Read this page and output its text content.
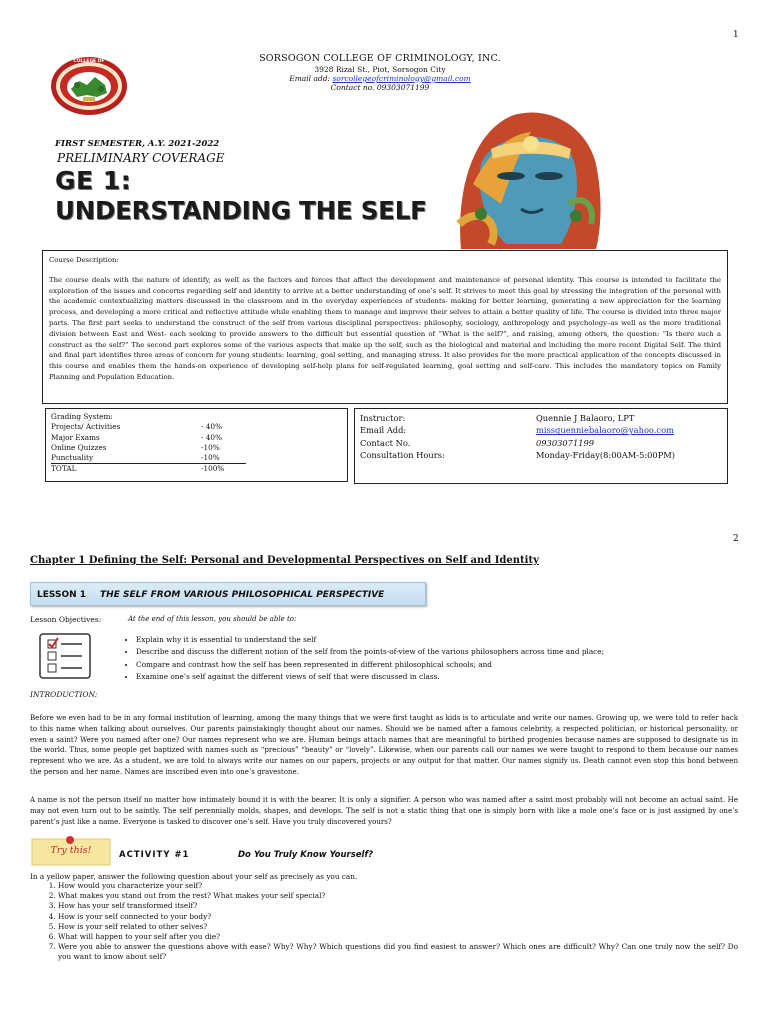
1
COLLEGE OF	SORSOGON COLLEGE OF CRIMINOLOGY, INC.
3928 Rizal St., Piot, Sorsogon City
Email add: sorcollegeofcriminology@gmail.com
Contact no. 09303071199
FIRST SEMESTER, A.Y. 2021-2022
PRELIMINARY COVERAGE
GE 1:
UNDERSTANDING THE SELF
Course Description:
The course deals with the nature of identify, as well as the factors and forces that affect the development and maintenance of personal identity. This course is intended to facilitate the exploration of the issues and concerns regarding self and identity to arrive at a better understanding of one’s self. It strives to meet this goal by stressing the integration of the personal with the academic contextualizing matters discussed in the classroom and in the everyday experiences of students- making for better learning, generating a new appreciation for the learning process, and developing a more critical and reflective attitude while enabling them to manage and improve their selves to attain a better quality of life. The course is divided into three major parts. The first part seeks to understand the construct of the self from various disciplinal perspectives: philosophy, sociology, anthropology and psychology–as well as the more traditional division between East and West- each seeking to provide answers to the difficult but essential question of “What is the self?”, and raising, among others, the question: “Is there such a construct as the self?” The second part explores some of the various aspects that make up the self, such as the biological and material and including the more recent Digital Self. The third and final part identifies three areas of concern for young students: learning, goal setting, and managing stress. It also provides for the more practical application of the concepts discussed in this course and enables them the hands-on experience of developing self-help plans for self-regulated learning, goal setting and self-care. This includes the mandatory topics on Family Planning and Population Education.
Grading System:
Projects/ Activities	- 40%
Major Exams	- 40%
Online Quizzes	-10%
Punctuality	-10%
TOTAL	-100%
Instructor:	Quennie J Balaoro, LPT
Email Add:	missquenniebalaoro@yahoo.com
Contact No.	09303071199
Consultation Hours:	Monday-Friday(8:00AM-5:00PM)
2
Chapter 1 Defining the Self: Personal and Developmental Perspectives on Self and Identity
LESSON 1 THE SELF FROM VARIOUS PHILOSOPHICAL PERSPECTIVE
Lesson Objectives:	At the end of this lesson, you should be able to:
• Explain why it is essential to understand the self
• Describe and discuss the different notion of the self from the points-of-view of the various philosophers across time and place;
• Compare and contrast how the self has been represented in different philosophical schools; and
• Examine one’s self against the different views of self that were discussed in class.
INTRODUCTION:
Before we even had to be in any formal institution of learning, among the many things that we were first taught as kids is to articulate and write our names. Growing up, we were told to refer back to this name when talking about ourselves. Our parents painstakingly thought about our names. Should we be named after a famous celebrity, a respected politician, or historical personality, or even a saint? Were you named after one? Our names represent who we are. Human beings attach names that are meaningful to birthed progenies because names are supposed to designate us in the world. Thus, some people get baptized with names such as “precious” “beauty” or “lovely”. Likewise, when our parents call our names we were taught to respond to them because our names represent who we are. As a student, we are told to always write our names on our papers, projects or any output for that matter. Our names signify us. Death cannot even stop this bond between the person and her name. Names are inscribed even into one’s gravestone.
A name is not the person itself no matter how intimately bound it is with the bearer. It is only a signifier. A person who was named after a saint most probably will not become an actual saint. He may not even turn out to be saintly. The self perennially molds, shapes, and develops. The self is not a static thing that one is simply born with like a mole one’s face or is just assigned by one’s parent’s just like a name. Everyone is tasked to discover one’s self. Have you truly discovered yours?
Try this!	ACTIVITY #1	Do You Truly Know Yourself?
In a yellow paper, answer the following question about your self as precisely as you can.
1. How would you characterize your self?
2. What makes you stand out from the rest? What makes your self special?
3. How has your self transformed itself?
4. How is your self connected to your body?
5. How is your self related to other selves?
6. What will happen to your self after you die?
7. Were you able to answer the questions above with ease? Why? Why? Which questions did you find easiest to answer? Which ones are difficult? Why? Can one truly now the self? Do you want to know about self?
